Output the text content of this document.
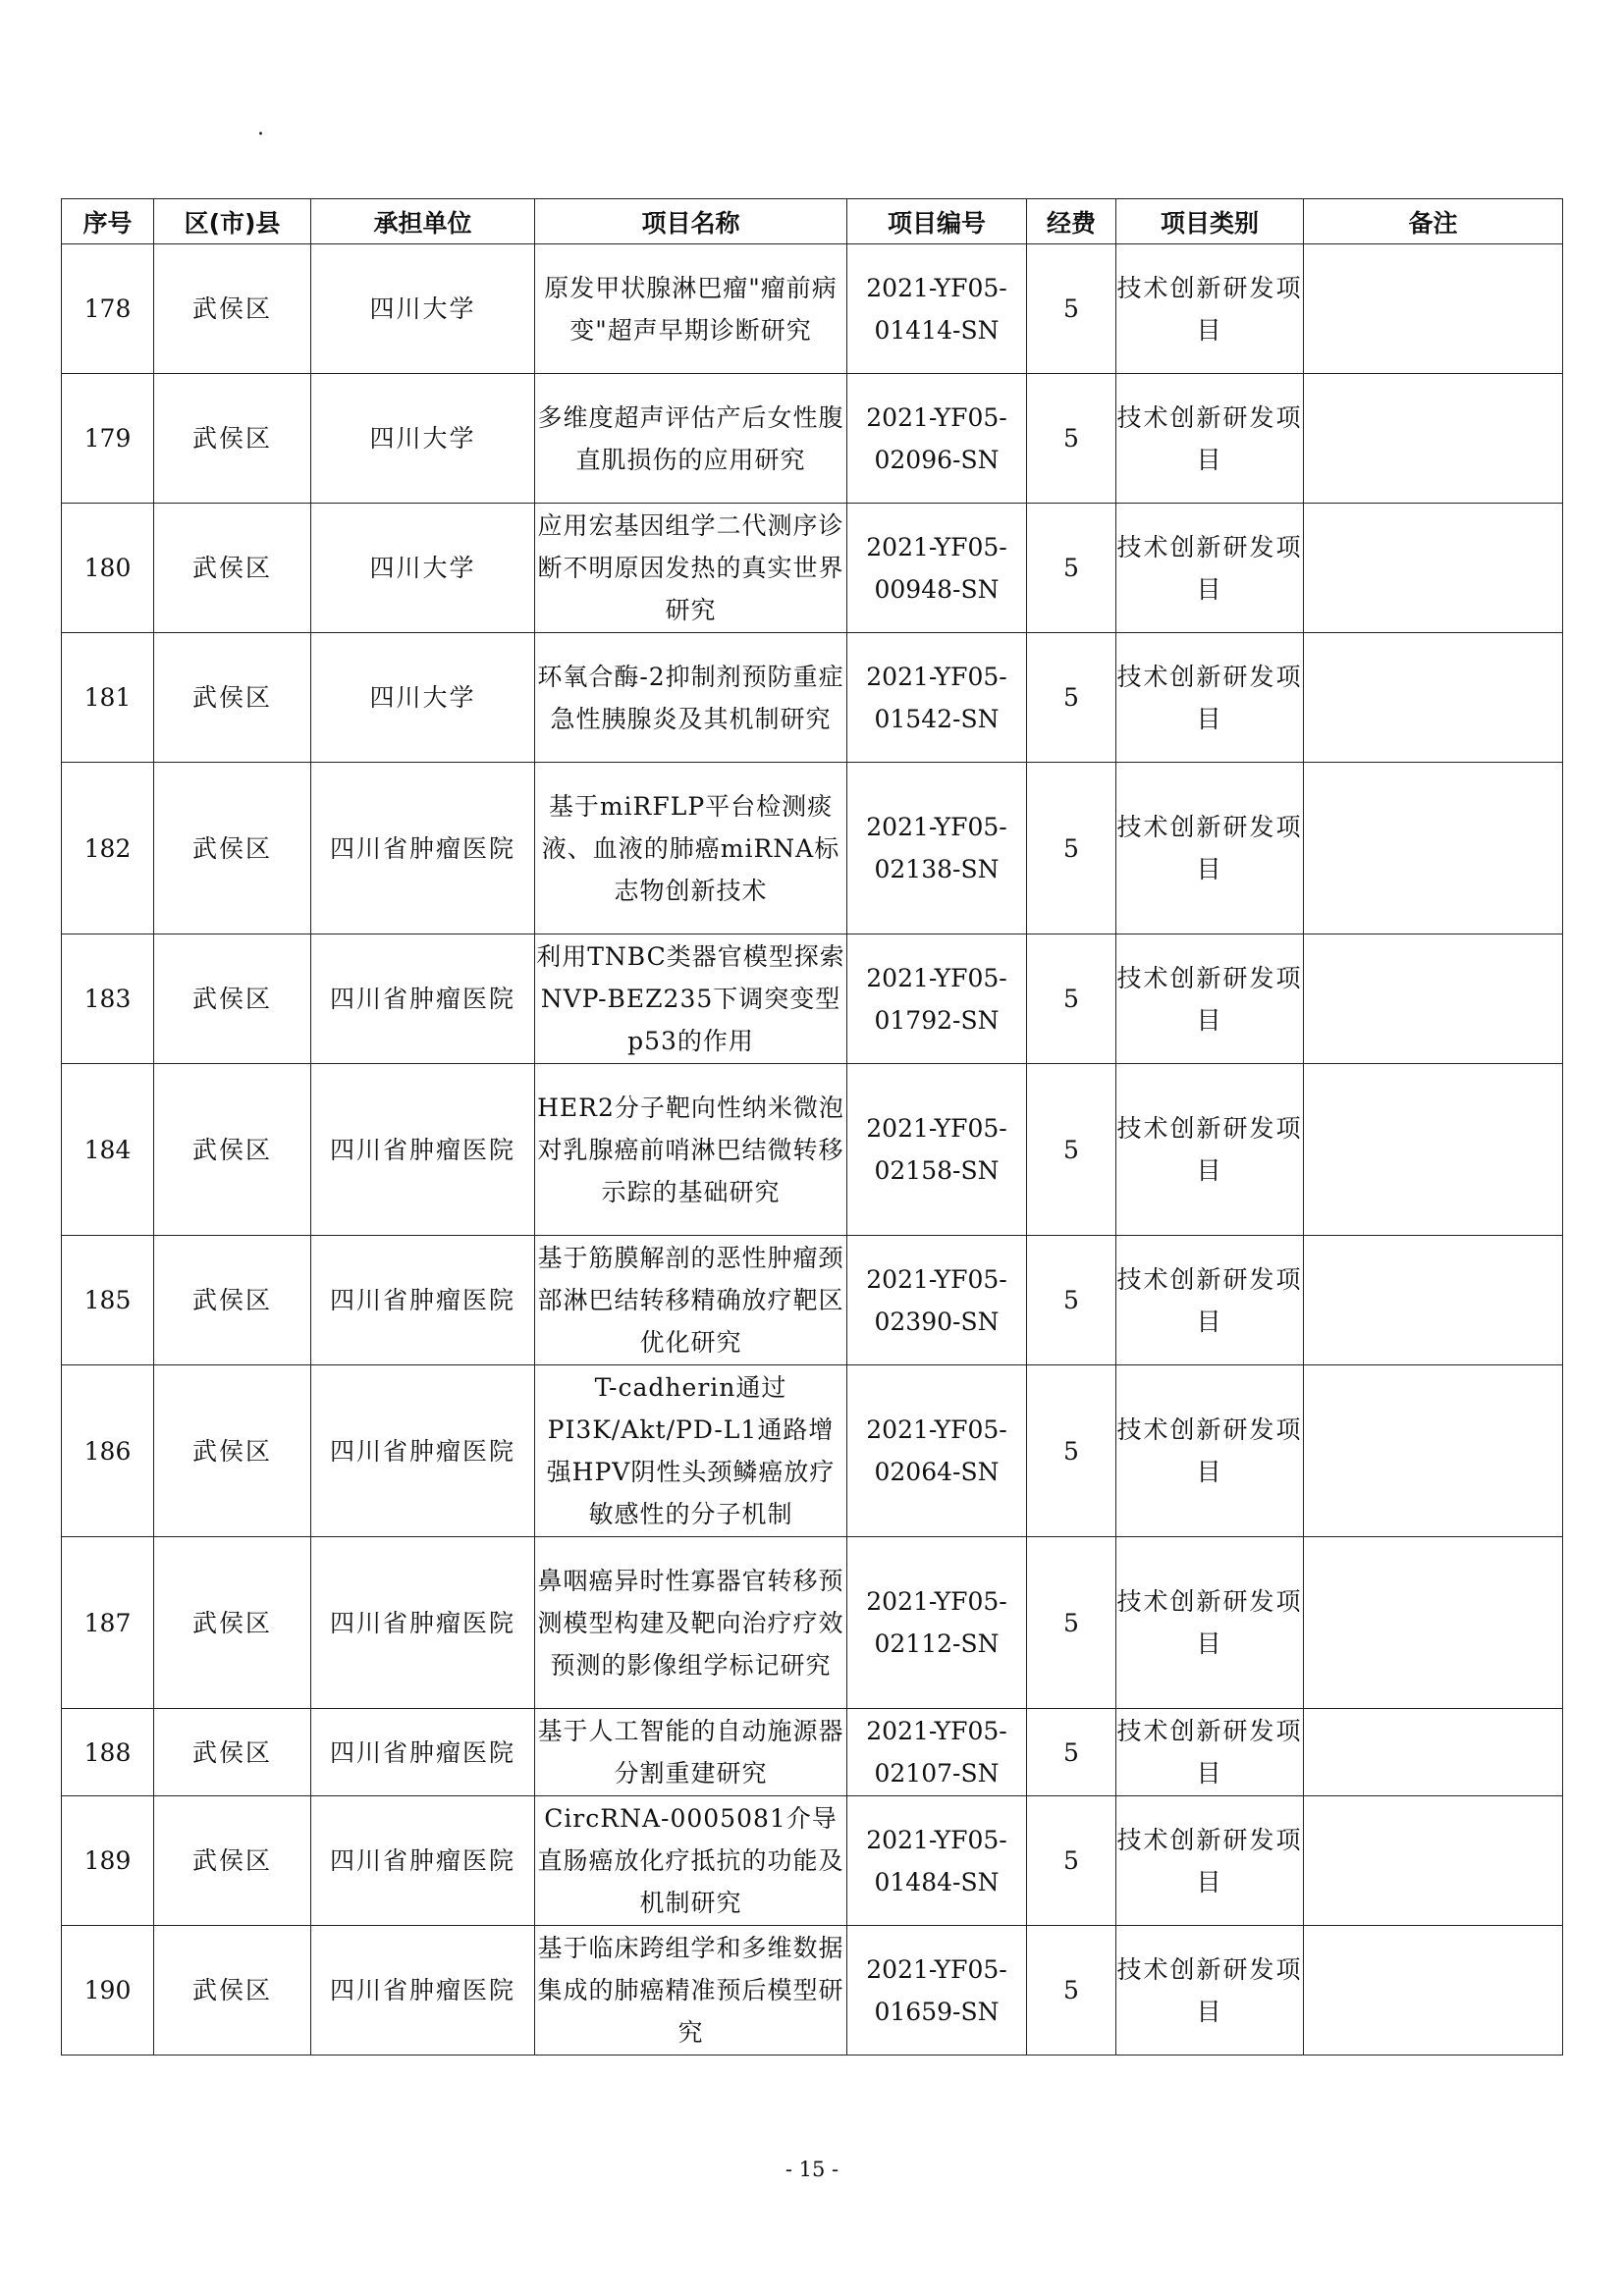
.
序号	区(市)县	承担单位	项目名称	项目编号	经费	项目类别	备注
178	武侯区	四川大学	原发甲状腺淋巴瘤"瘤前病变"超声早期诊断研究	2021-YF05-01414-SN	5	技术创新研发项目	
179	武侯区	四川大学	多维度超声评估产后女性腹直肌损伤的应用研究	2021-YF05-02096-SN	5	技术创新研发项目	
180	武侯区	四川大学	应用宏基因组学二代测序诊断不明原因发热的真实世界研究	2021-YF05-00948-SN	5	技术创新研发项目	
181	武侯区	四川大学	环氧合酶-2抑制剂预防重症急性胰腺炎及其机制研究	2021-YF05-01542-SN	5	技术创新研发项目	
182	武侯区	四川省肿瘤医院	基于miRFLP平台检测痰液、血液的肺癌miRNA标志物创新技术	2021-YF05-02138-SN	5	技术创新研发项目	
183	武侯区	四川省肿瘤医院	利用TNBC类器官模型探索NVP-BEZ235下调突变型p53的作用	2021-YF05-01792-SN	5	技术创新研发项目	
184	武侯区	四川省肿瘤医院	HER2分子靶向性纳米微泡对乳腺癌前哨淋巴结微转移示踪的基础研究	2021-YF05-02158-SN	5	技术创新研发项目	
185	武侯区	四川省肿瘤医院	基于筋膜解剖的恶性肿瘤颈部淋巴结转移精确放疗靶区优化研究	2021-YF05-02390-SN	5	技术创新研发项目	
186	武侯区	四川省肿瘤医院	T-cadherin通过PI3K/Akt/PD-L1通路增强HPV阴性头颈鳞癌放疗敏感性的分子机制	2021-YF05-02064-SN	5	技术创新研发项目	
187	武侯区	四川省肿瘤医院	鼻咽癌异时性寡器官转移预测模型构建及靶向治疗疗效预测的影像组学标记研究	2021-YF05-02112-SN	5	技术创新研发项目	
188	武侯区	四川省肿瘤医院	基于人工智能的自动施源器分割重建研究	2021-YF05-02107-SN	5	技术创新研发项目	
189	武侯区	四川省肿瘤医院	CircRNA-0005081介导直肠癌放化疗抵抗的功能及机制研究	2021-YF05-01484-SN	5	技术创新研发项目	
190	武侯区	四川省肿瘤医院	基于临床跨组学和多维数据集成的肺癌精准预后模型研究	2021-YF05-01659-SN	5	技术创新研发项目	
- 15 -
